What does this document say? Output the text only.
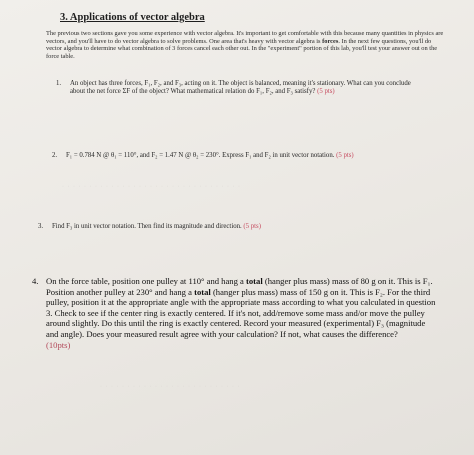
3. Applications of vector algebra
The previous two sections gave you some experience with vector algebra. It's important to get comfortable with this because many quantities in physics are vectors, and you'll have to do vector algebra to solve problems. One area that's heavy with vector algebra is forces. In the next few questions, you'll do vector algebra to determine what combination of 3 forces cancel each other out. In the "experiment" portion of this lab, you'll test your answer out on the force table.
1. An object has three forces, F₁, F₂, and F₃, acting on it. The object is balanced, meaning it's stationary. What can you conclude about the net force ΣF of the object? What mathematical relation do F₁, F₂, and F₃ satisfy? (5 pts)
2. F₁ = 0.784 N @ θ₁ = 110°, and F₂ = 1.47 N @ θ₂ = 230°. Express F₁ and F₂ in unit vector notation. (5 pts)
· · · · · · · · · · · · · · · · · · · · · · · · · · · · · · · · ·
3. Find F₃ in unit vector notation. Then find its magnitude and direction. (5 pts)
4. On the force table, position one pulley at 110° and hang a total (hanger plus mass) mass of 80 g on it. This is F₁. Position another pulley at 230° and hang a total (hanger plus mass) mass of 150 g on it. This is F₂. For the third pulley, position it at the appropriate angle with the appropriate mass according to what you calculated in question 3. Check to see if the center ring is exactly centered. If it's not, add/remove some mass and/or move the pulley around slightly. Do this until the ring is exactly centered. Record your measured (experimental) F₃ (magnitude and angle). Does your measured result agree with your calculation? If not, what causes the difference?
(10pts)
· · · · · · · · · · · · · · · · · · · · · · · · · ·
